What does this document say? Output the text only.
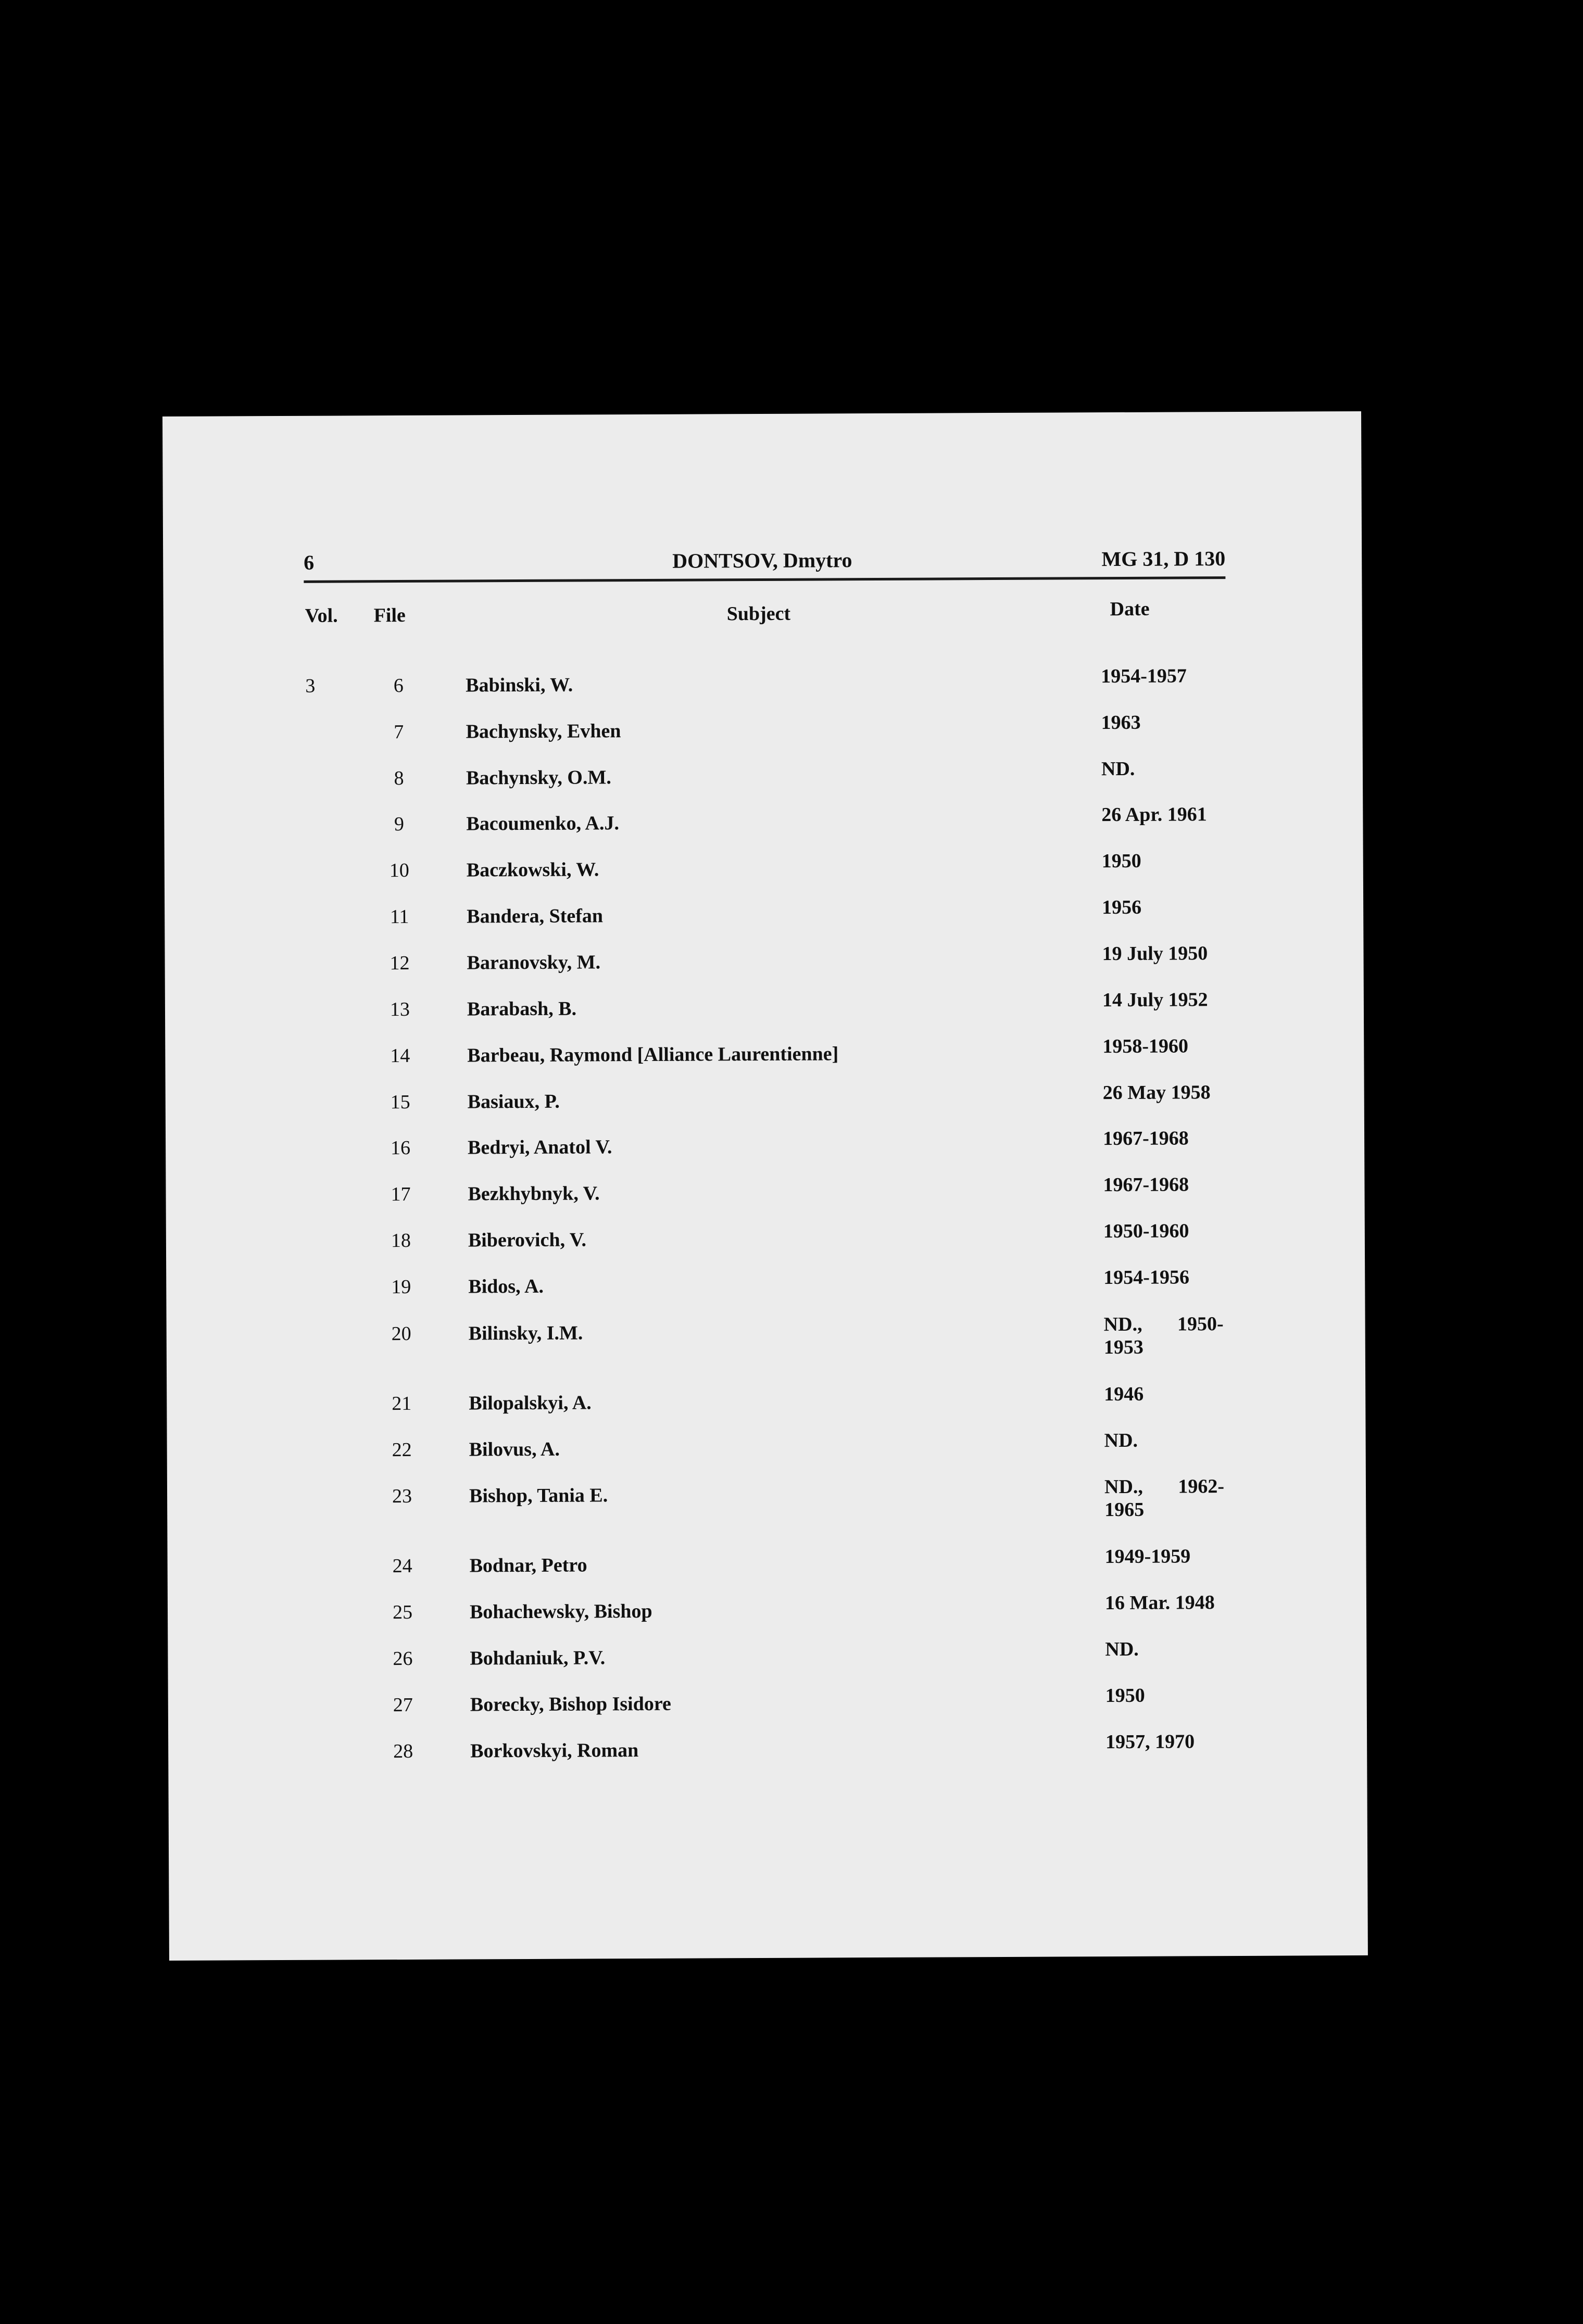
6	DONTSOV, Dmytro	MG 31, D 130
Vol. File	Subject	Date
3	6	Babinski, W.	1954-1957
7	Bachynsky, Evhen	1963
8	Bachynsky, O.M.	ND.
9	Bacoumenko, A.J.	26 Apr. 1961
10	Baczkowski, W.	1950
11	Bandera, Stefan	1956
12	Baranovsky, M.	19 July 1950
13	Barabash, B.	14 July 1952
14	Barbeau, Raymond [Alliance Laurentienne]	1958-1960
15	Basiaux, P.	26 May 1958
16	Bedryi, Anatol V.	1967-1968
17	Bezkhybnyk, V.	1967-1968
18	Biberovich, V.	1950-1960
19	Bidos, A.	1954-1956
20	Bilinsky, I.M.	ND., 1950-
1953
21	Bilopalskyi, A.	1946
22	Bilovus, A.	ND.
23	Bishop, Tania E.	ND., 1962-
1965
24	Bodnar, Petro	1949-1959
25	Bohachewsky, Bishop	16 Mar. 1948
26	Bohdaniuk, P.V.	ND.
27	Borecky, Bishop Isidore	1950
28	Borkovskyi, Roman	1957, 1970
